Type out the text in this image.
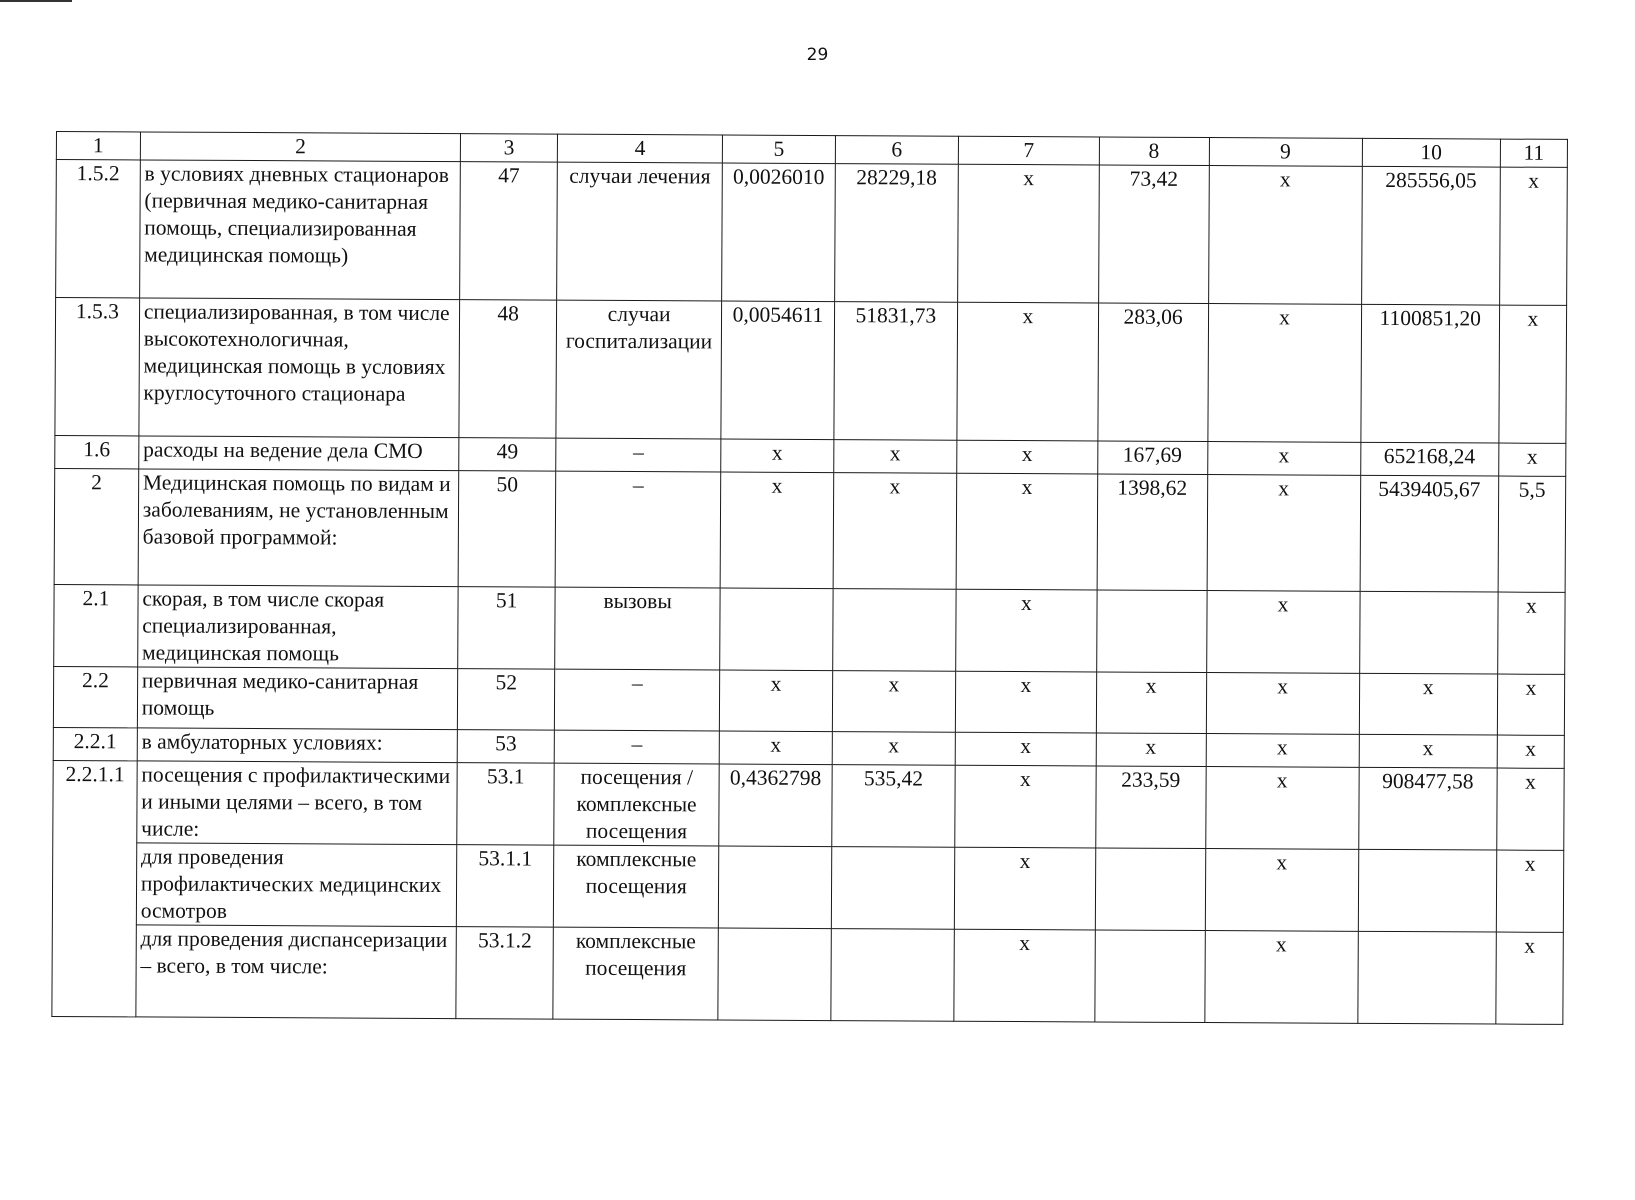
29
1	2	3	4	5	6	7	8	9	10	11
1.5.2	в условиях дневных стационаров (первичная медико-санитарная помощь, специализированная медицинская помощь)	47	случаи лечения	0,0026010	28229,18	х	73,42	х	285556,05	х
1.5.3	специализированная, в том числе высокотехнологичная, медицинская помощь в условиях круглосуточного стационара	48	случаи госпитализации	0,0054611	51831,73	х	283,06	х	1100851,20	х
1.6	расходы на ведение дела СМО	49	–	х	х	х	167,69	х	652168,24	х
2	Медицинская помощь по видам и заболеваниям, не установленным базовой программой:	50	–	х	х	х	1398,62	х	5439405,67	5,5
2.1	скорая, в том числе скорая специализированная, медицинская помощь	51	вызовы			х		х		х
2.2	первичная медико-санитарная помощь	52	–	х	х	х	х	х	х	х
2.2.1	в амбулаторных условиях:	53	–	х	х	х	х	х	х	х
2.2.1.1	посещения с профилактическими и иными целями – всего, в том числе:	53.1	посещения / комплексные посещения	0,4362798	535,42	х	233,59	х	908477,58	х
	для проведения профилактических медицинских осмотров	53.1.1	комплексные посещения			х		х		х
	для проведения диспансеризации – всего, в том числе:	53.1.2	комплексные посещения			х		х		х
